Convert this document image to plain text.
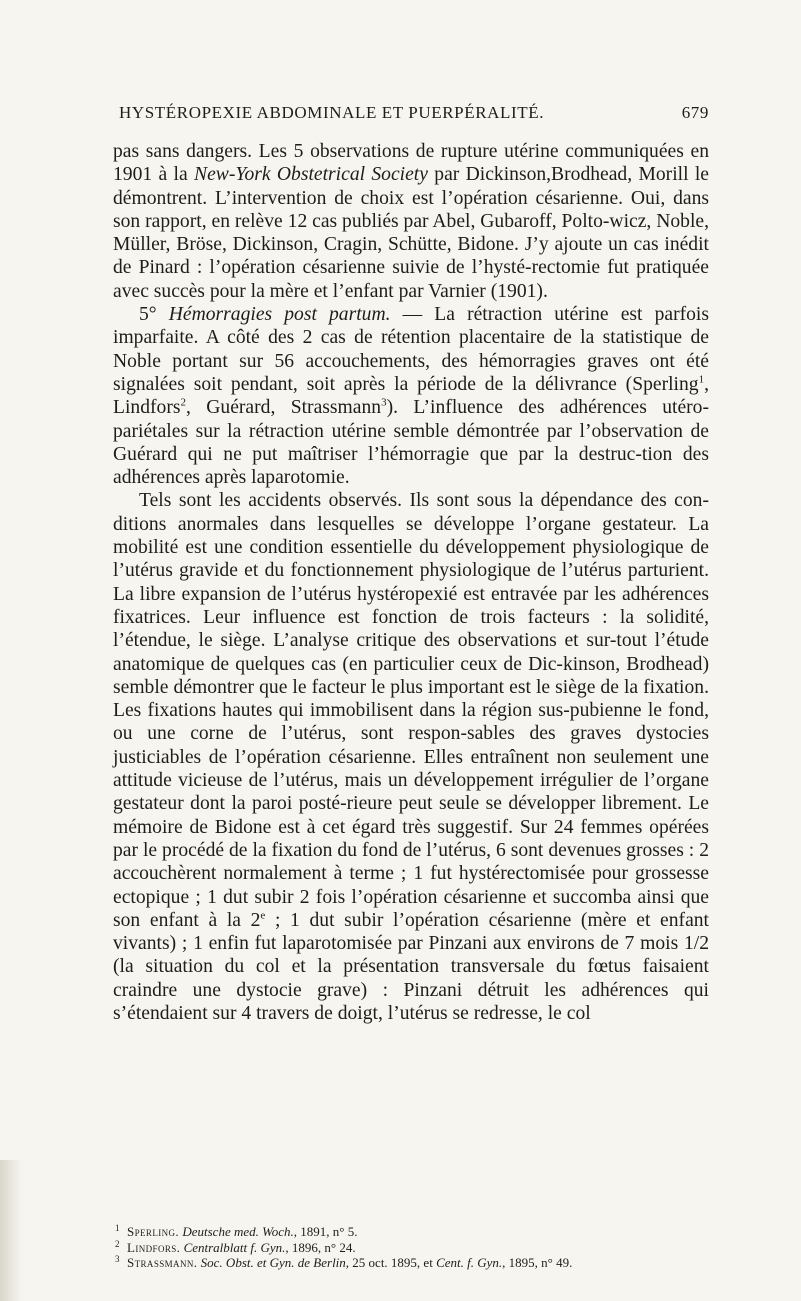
HYSTÉROPEXIE ABDOMINALE ET PUERPÉRALITÉ.	679

pas sans dangers. Les 5 observations de rupture utérine communiquées en 1901 à la New-York Obstetrical Society par Dickinson,Brodhead, Morill le démontrent. L’intervention de choix est l’opération césarienne. Oui, dans son rapport, en relève 12 cas publiés par Abel, Gubaroff, Polto-wicz, Noble, Müller, Bröse, Dickinson, Cragin, Schütte, Bidone. J’y ajoute un cas inédit de Pinard : l’opération césarienne suivie de l’hysté-rectomie fut pratiquée avec succès pour la mère et l’enfant par Varnier (1901).

5° Hémorragies post partum. — La rétraction utérine est parfois imparfaite. A côté des 2 cas de rétention placentaire de la statistique de Noble portant sur 56 accouchements, des hémorragies graves ont été signalées soit pendant, soit après la période de la délivrance (Sperling$^1$, Lindfors$^2$, Guérard, Strassmann$^3$). L’influence des adhérences utéro-pariétales sur la rétraction utérine semble démontrée par l’observation de Guérard qui ne put maîtriser l’hémorragie que par la destruc-tion des adhérences après laparotomie.

Tels sont les accidents observés. Ils sont sous la dépendance des con-ditions anormales dans lesquelles se développe l’organe gestateur. La mobilité est une condition essentielle du développement physiologique de l’utérus gravide et du fonctionnement physiologique de l’utérus parturient. La libre expansion de l’utérus hystéropexié est entravée par les adhérences fixatrices. Leur influence est fonction de trois facteurs : la solidité, l’étendue, le siège. L’analyse critique des observations et sur-tout l’étude anatomique de quelques cas (en particulier ceux de Dic-kinson, Brodhead) semble démontrer que le facteur le plus important est le siège de la fixation. Les fixations hautes qui immobilisent dans la région sus-pubienne le fond, ou une corne de l’utérus, sont respon-sables des graves dystocies justiciables de l’opération césarienne. Elles entraînent non seulement une attitude vicieuse de l’utérus, mais un développement irrégulier de l’organe gestateur dont la paroi posté-rieure peut seule se développer librement. Le mémoire de Bidone est à cet égard très suggestif. Sur 24 femmes opérées par le procédé de la fixation du fond de l’utérus, 6 sont devenues grosses : 2 accouchèrent normalement à terme ; 1 fut hystérectomisée pour grossesse ectopique ; 1 dut subir 2 fois l’opération césarienne et succomba ainsi que son enfant à la 2e ; 1 dut subir l’opération césarienne (mère et enfant vivants) ; 1 enfin fut laparotomisée par Pinzani aux environs de 7 mois 1/2 (la situation du col et la présentation transversale du fœtus faisaient craindre une dystocie grave) : Pinzani détruit les adhérences qui s’étendaient sur 4 travers de doigt, l’utérus se redresse, le col

1 Sperling. Deutsche med. Woch., 1891, n° 5.

2 Lindfors. Centralblatt f. Gyn., 1896, n° 24.

3 Strassmann. Soc. Obst. et Gyn. de Berlin, 25 oct. 1895, et Cent. f. Gyn., 1895, n° 49.
